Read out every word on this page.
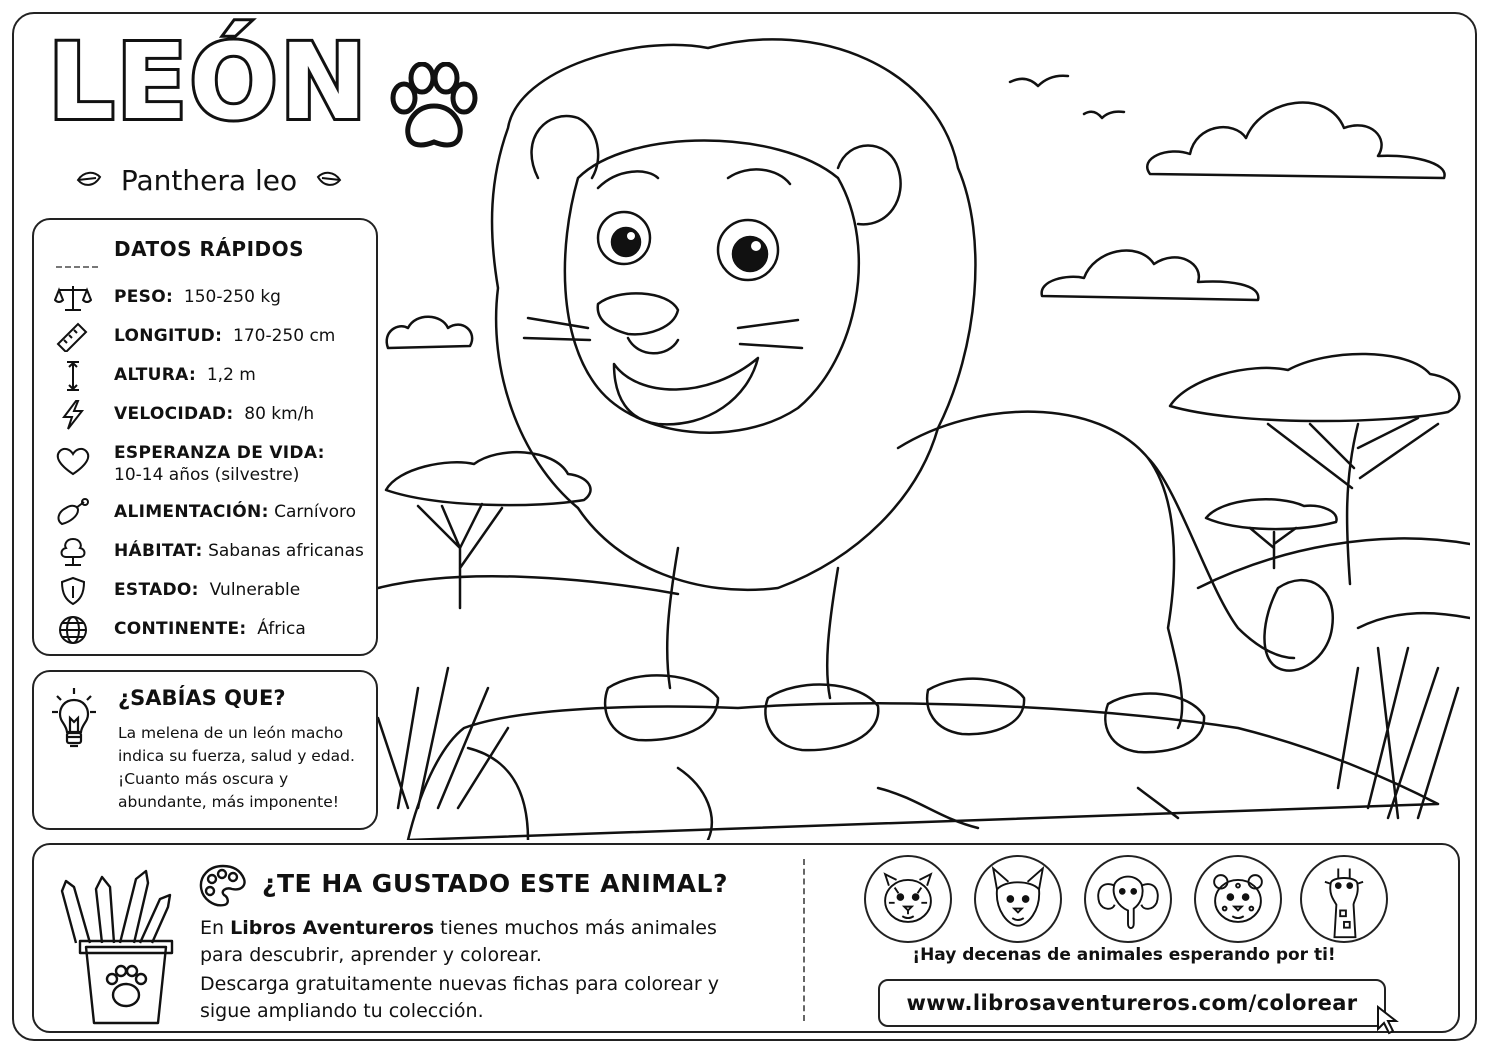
LEÓN
Panthera leo
DATOS RÁPIDOS
PESO: 150-250 kg
LONGITUD: 170-250 cm
ALTURA: 1,2 m
VELOCIDAD: 80 km/h
ESPERANZA DE VIDA:
10-14 años (silvestre)
ALIMENTACIÓN: Carnívoro
HÁBITAT: Sabanas africanas
ESTADO: Vulnerable
CONTINENTE: África
¿SABÍAS QUE?

La melena de un león macho indica su fuerza, salud y edad. ¡Cuanto más oscura y abundante, más imponente!

¿TE HA GUSTADO ESTE ANIMAL?
En Libros Aventureros tienes muchos más animales para descubrir, aprender y colorear.
Descarga gratuitamente nuevas fichas para colorear y sigue ampliando tu colección.
¡Hay decenas de animales esperando por ti!
www.librosaventureros.com/colorear
